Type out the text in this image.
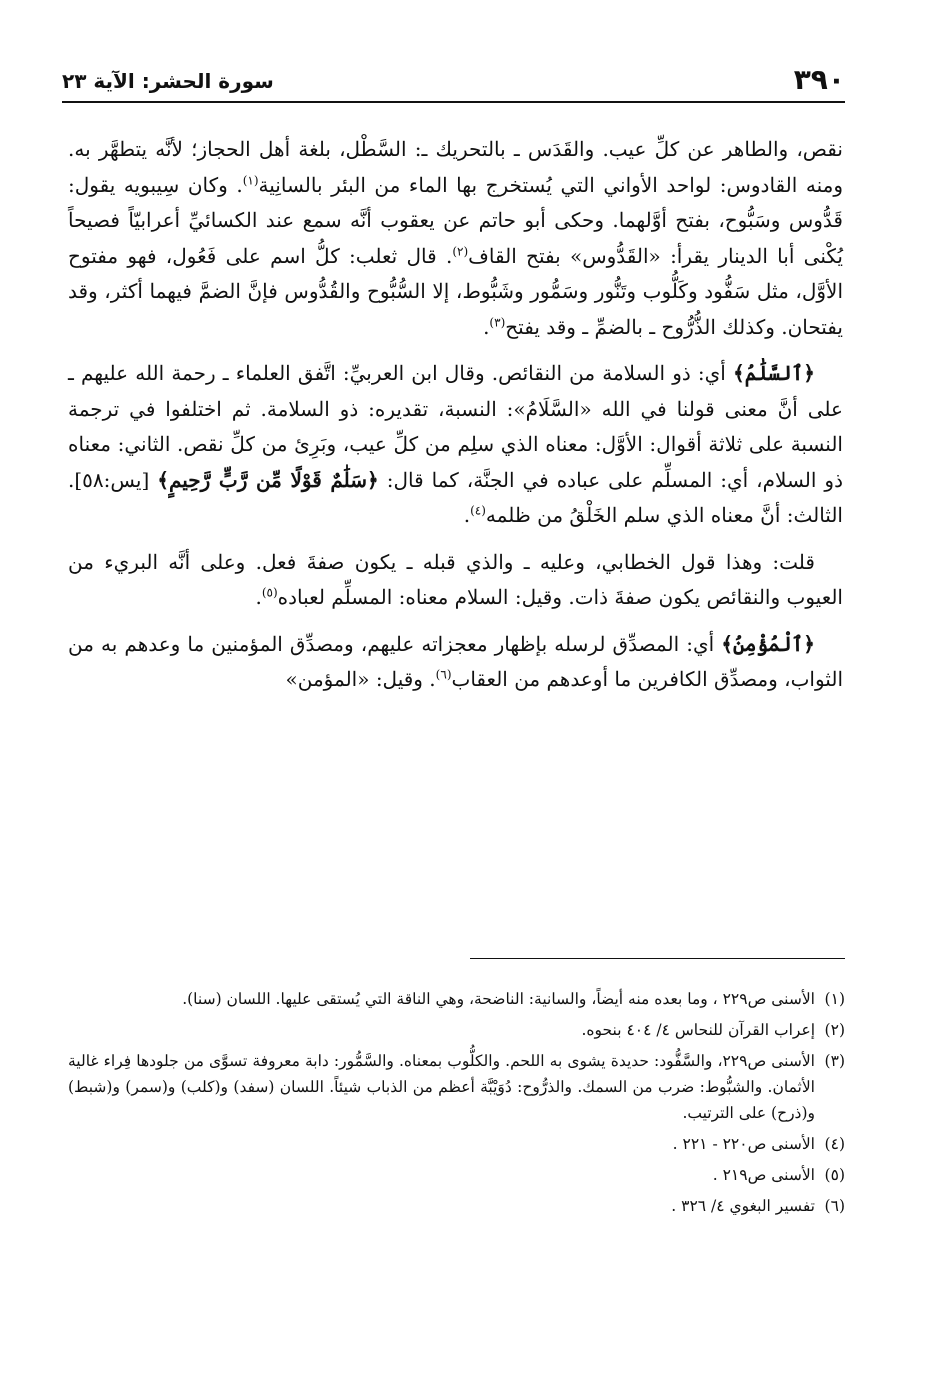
٣٩٠
سورة الحشر: الآية ٢٣

نقص، والطاهر عن كلِّ عيب. والقَدَس ـ بالتحريك ـ: السَّطْل، بلغة أهل الحجاز؛ لأنَّه يتطهَّر به. ومنه القادوس: لواحد الأواني التي يُستخرج بها الماء من البئر بالسانِية$^{(١)}$. وكان سِيبويه يقول: قَدُّوس وسَبُّوح، بفتح أوَّلهما. وحكى أبو حاتم عن يعقوب أنَّه سمع عند الكسائيِّ أعرابيّاً فصيحاً يُكْنى أبا الدينار يقرأ: «القَدُّوس» بفتح القاف$^{(٢)}$. قال ثعلب: كلُّ اسم على فَعُول، فهو مفتوح الأوَّل، مثل سَفُّود وكَلُّوب وتَنُّور وسَمُّور وشَبُّوط، إلا السُّبُّوح والقُدُّوس فإنَّ الضمَّ فيهما أكثر، وقد يفتحان. وكذلك الذُّرُّوح ـ بالضمِّ ـ وقد يفتح$^{(٣)}$.

﴿ٱلسَّلَٰمُ﴾ أي: ذو السلامة من النقائص. وقال ابن العربيِّ: اتَّفق العلماء ـ رحمة الله عليهم ـ على أنَّ معنى قولنا في الله «السَّلَامُ»: النسبة، تقديره: ذو السلامة. ثم اختلفوا في ترجمة النسبة على ثلاثة أقوال: الأوَّل: معناه الذي سلِم من كلِّ عيب، وبَرِئ من كلِّ نقص. الثاني: معناه ذو السلام، أي: المسلِّم على عباده في الجنَّة، كما قال: ﴿سَلَٰمٌ قَوْلًا مِّن رَّبٍّ رَّحِيمٍ﴾ [يس:٥٨]. الثالث: أنَّ معناه الذي سلم الخَلْقُ من ظلمه$^{(٤)}$.

قلت: وهذا قول الخطابي، وعليه ـ والذي قبله ـ يكون صفةَ فعل. وعلى أنَّه البريء من العيوب والنقائص يكون صفةَ ذات. وقيل: السلام معناه: المسلِّم لعباده$^{(٥)}$.

﴿ٱلْمُؤْمِنُ﴾ أي: المصدِّق لرسله بإظهار معجزاته عليهم، ومصدِّق المؤمنين ما وعدهم به من الثواب، ومصدِّق الكافرين ما أوعدهم من العقاب$^{(٦)}$. وقيل: «المؤمن»

(١)
الأسنى ص٢٢٩ ، وما بعده منه أيضاً، والسانية: الناضحة، وهي الناقة التي يُستقى عليها. اللسان (سنا).
(٢)
إعراب القرآن للنحاس ٤/ ٤٠٤ بنحوه.
(٣)
الأسنى ص٢٢٩، والسَّفُّود: حديدة يشوى به اللحم. والكلُّوب بمعناه. والسَّمُّور: دابة معروفة تسوَّى من جلودها فِراء غالية الأثمان. والشبُّوط: ضرب من السمك. والذرُّوح: دُوَيْبَّة أعظم من الذباب شيئاً. اللسان (سفد) و(كلب) و(سمر) و(شبط) و(ذرح) على الترتيب.
(٤)
الأسنى ص٢٢٠ - ٢٢١ .
(٥)
الأسنى ص٢١٩ .
(٦)
تفسير البغوي ٤/ ٣٢٦ .
